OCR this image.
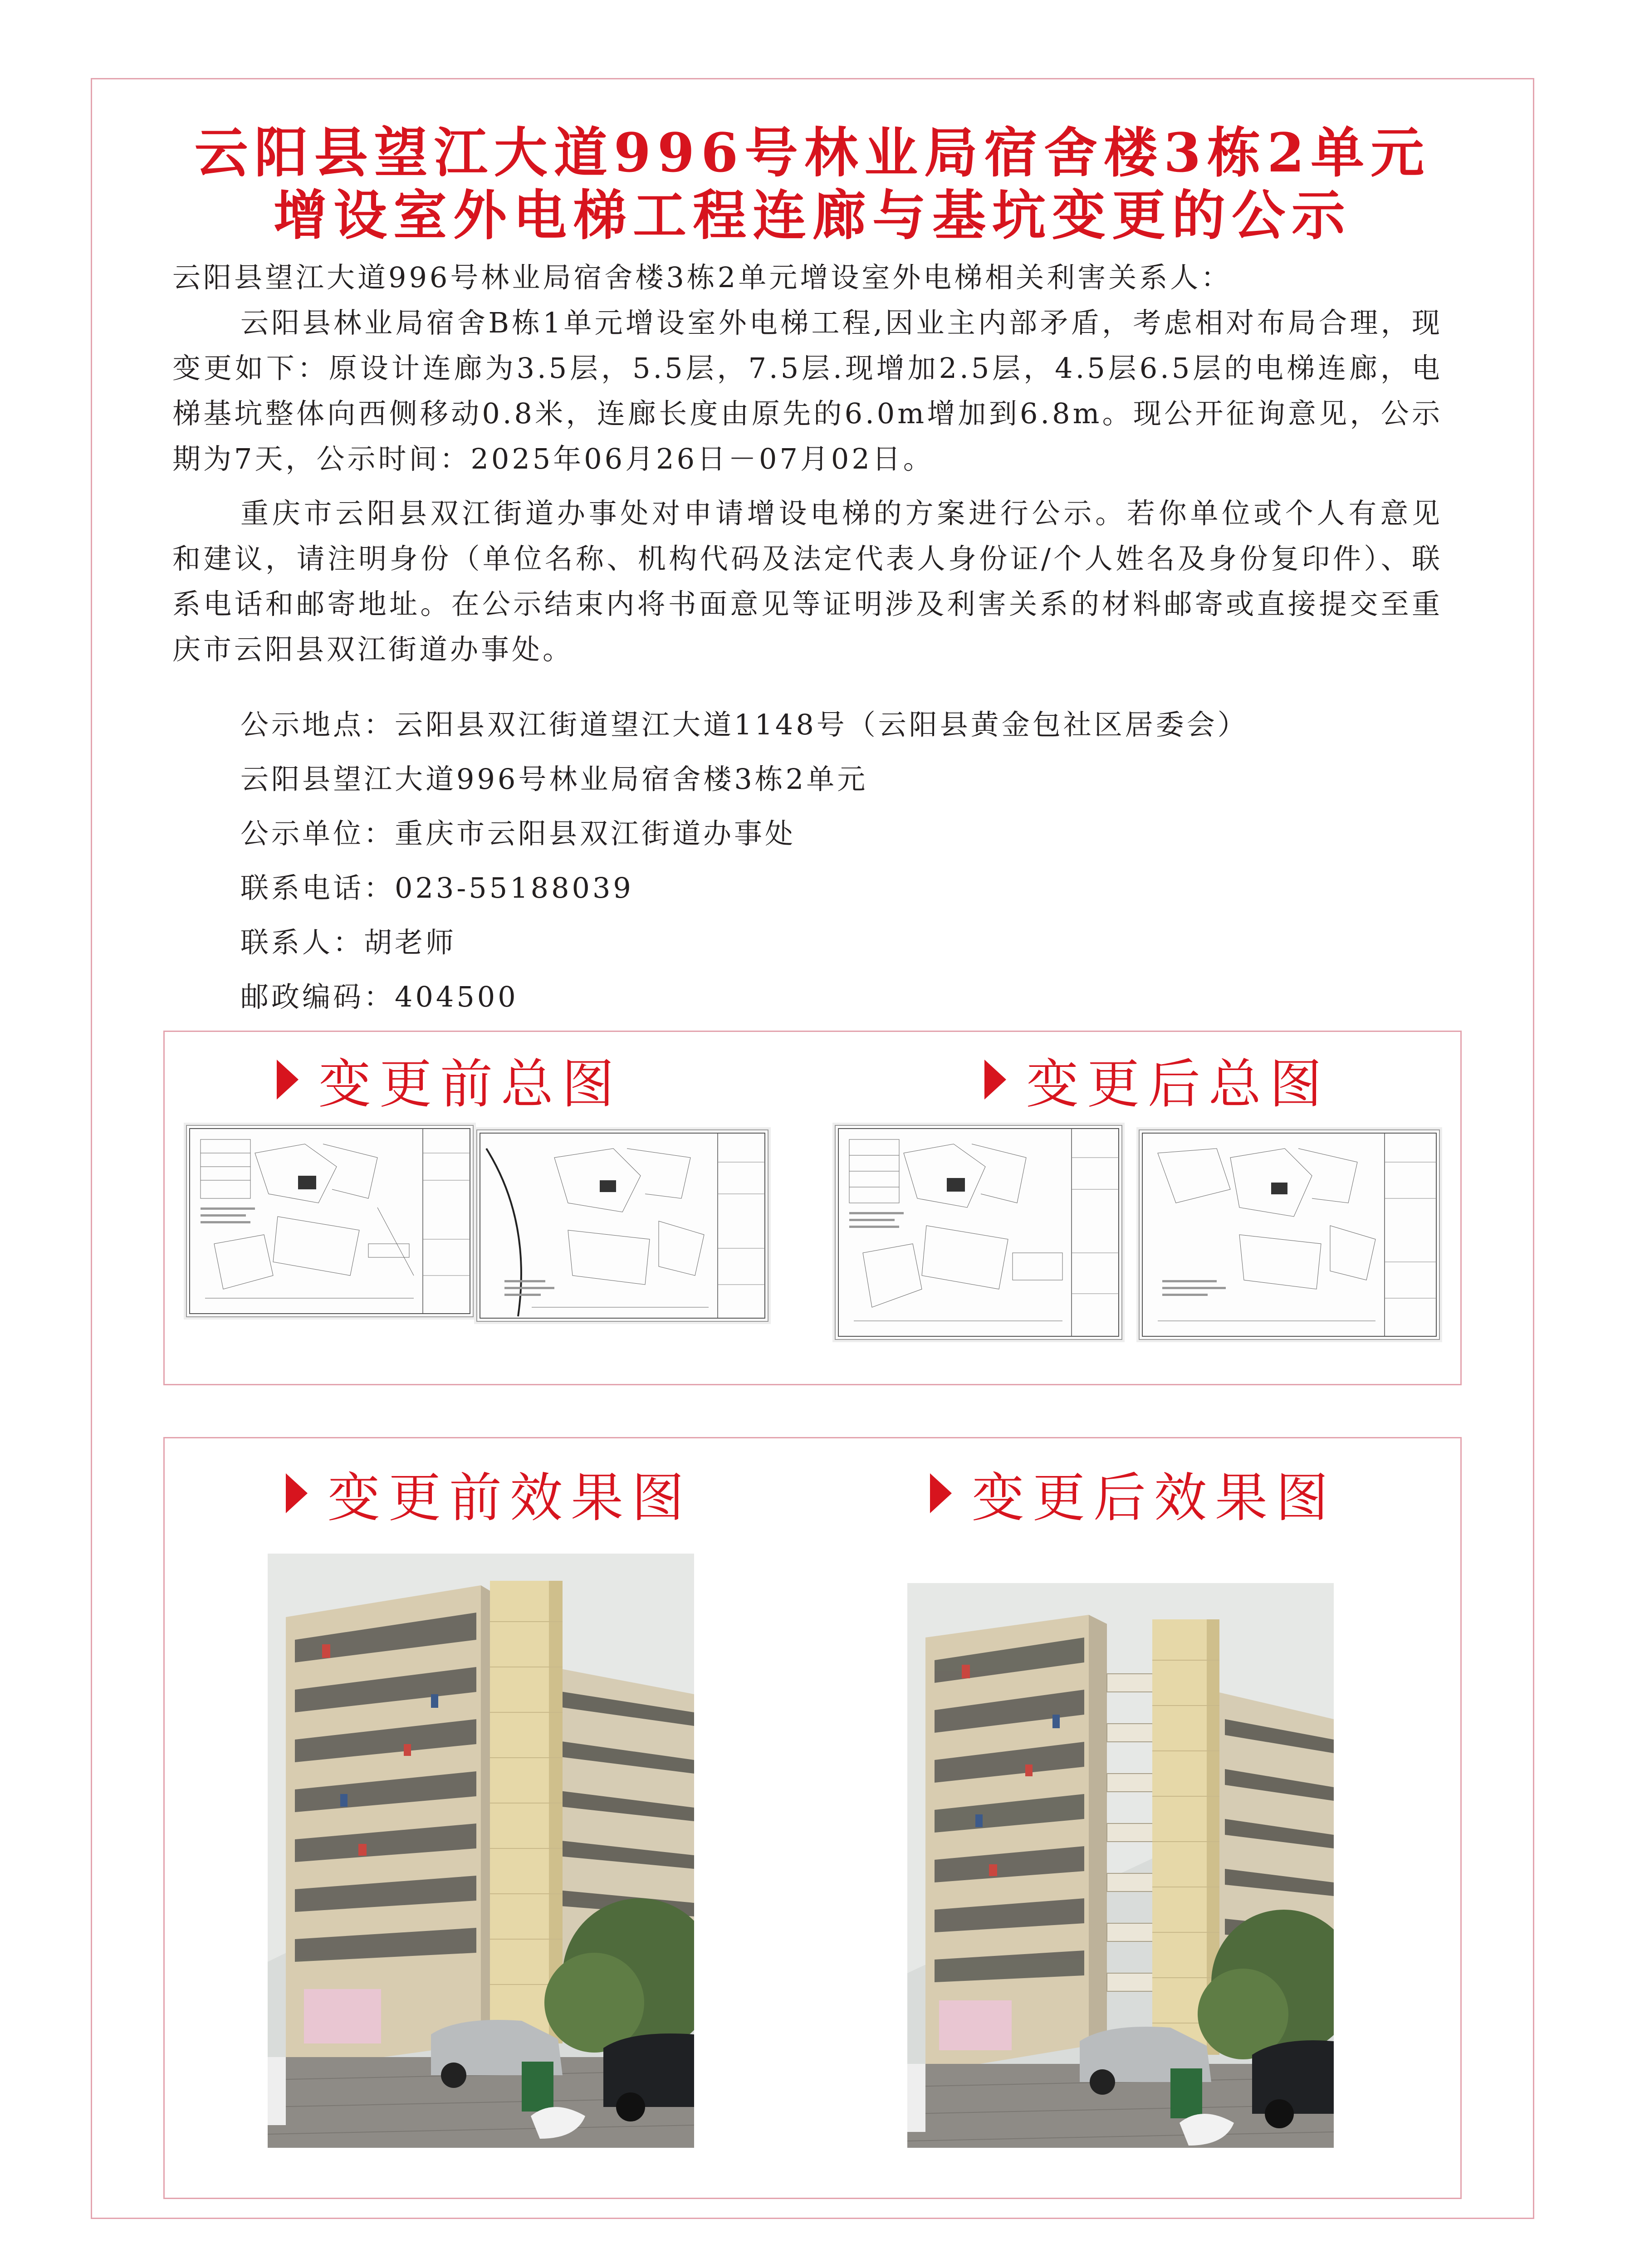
云阳县望江大道996号林业局宿舍楼3栋2单元
增设室外电梯工程连廊与基坑变更的公示
云阳县望江大道996号林业局宿舍楼3栋2单元增设室外电梯相关利害关系人：
云阳县林业局宿舍B栋1单元增设室外电梯工程,因业主内部矛盾，考虑相对布局合理，现变更如下：原设计连廊为3.5层，5.5层，7.5层.现增加2.5层，4.5层6.5层的电梯连廊，电梯基坑整体向西侧移动0.8米，连廊长度由原先的6.0m增加到6.8m。现公开征询意见，公示期为7天，公示时间：2025年06月26日－07月02日。
重庆市云阳县双江街道办事处对申请增设电梯的方案进行公示。若你单位或个人有意见和建议，请注明身份（单位名称、机构代码及法定代表人身份证/个人姓名及身份复印件）、联系电话和邮寄地址。在公示结束内将书面意见等证明涉及利害关系的材料邮寄或直接提交至重庆市云阳县双江街道办事处。
公示地点：云阳县双江街道望江大道1148号（云阳县黄金包社区居委会）
云阳县望江大道996号林业局宿舍楼3栋2单元
公示单位：重庆市云阳县双江街道办事处
联系电话：023-55188039
联系人：胡老师
邮政编码：404500
变更前总图	变更后总图
变更前效果图	变更后效果图
